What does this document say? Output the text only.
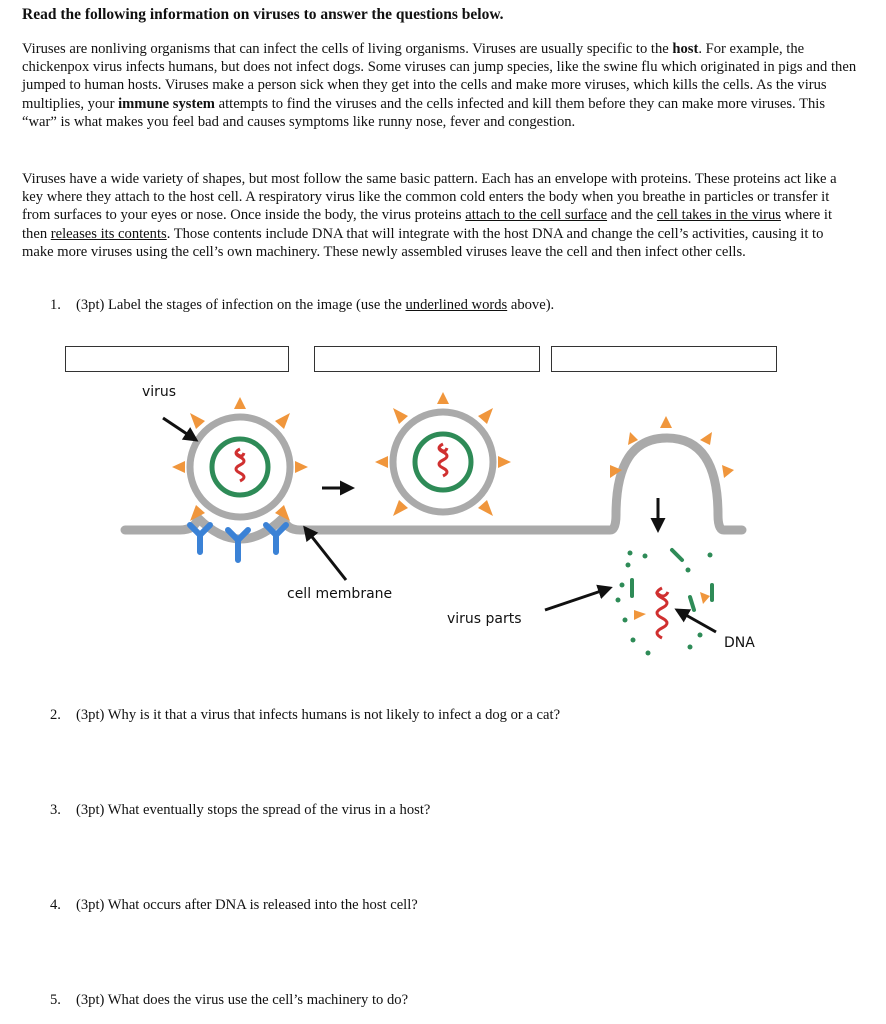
Read the following information on viruses to answer the questions below.

Viruses are nonliving organisms that can infect the cells of living organisms. Viruses are usually specific to the host. For example, the chickenpox virus infects humans, but does not infect dogs. Some viruses can jump species, like the swine flu which originated in pigs and then jumped to human hosts. Viruses make a person sick when they get into the cells and make more viruses, which kills the cells. As the virus multiplies, your immune system attempts to find the viruses and the cells infected and kill them before they can make more viruses. This “war” is what makes you feel bad and causes symptoms like runny nose, fever and congestion.

Viruses have a wide variety of shapes, but most follow the same basic pattern. Each has an envelope with proteins. These proteins act like a key where they attach to the host cell. A respiratory virus like the common cold enters the body when you breathe in particles or transfer it from surfaces to your eyes or nose. Once inside the body, the virus proteins attach to the cell surface and the cell takes in the virus where it then releases its contents. Those contents include DNA that will integrate with the host DNA and change the cell’s activities, causing it to make more viruses using the cell’s own machinery. These newly assembled viruses leave the cell and then infect other cells.

1. (3pt) Label the stages of infection on the image (use the underlined words above).
virus
cell membrane
virus parts
DNA
2. (3pt) Why is it that a virus that infects humans is not likely to infect a dog or a cat?
3. (3pt) What eventually stops the spread of the virus in a host?
4. (3pt) What occurs after DNA is released into the host cell?
5. (3pt) What does the virus use the cell’s machinery to do?
